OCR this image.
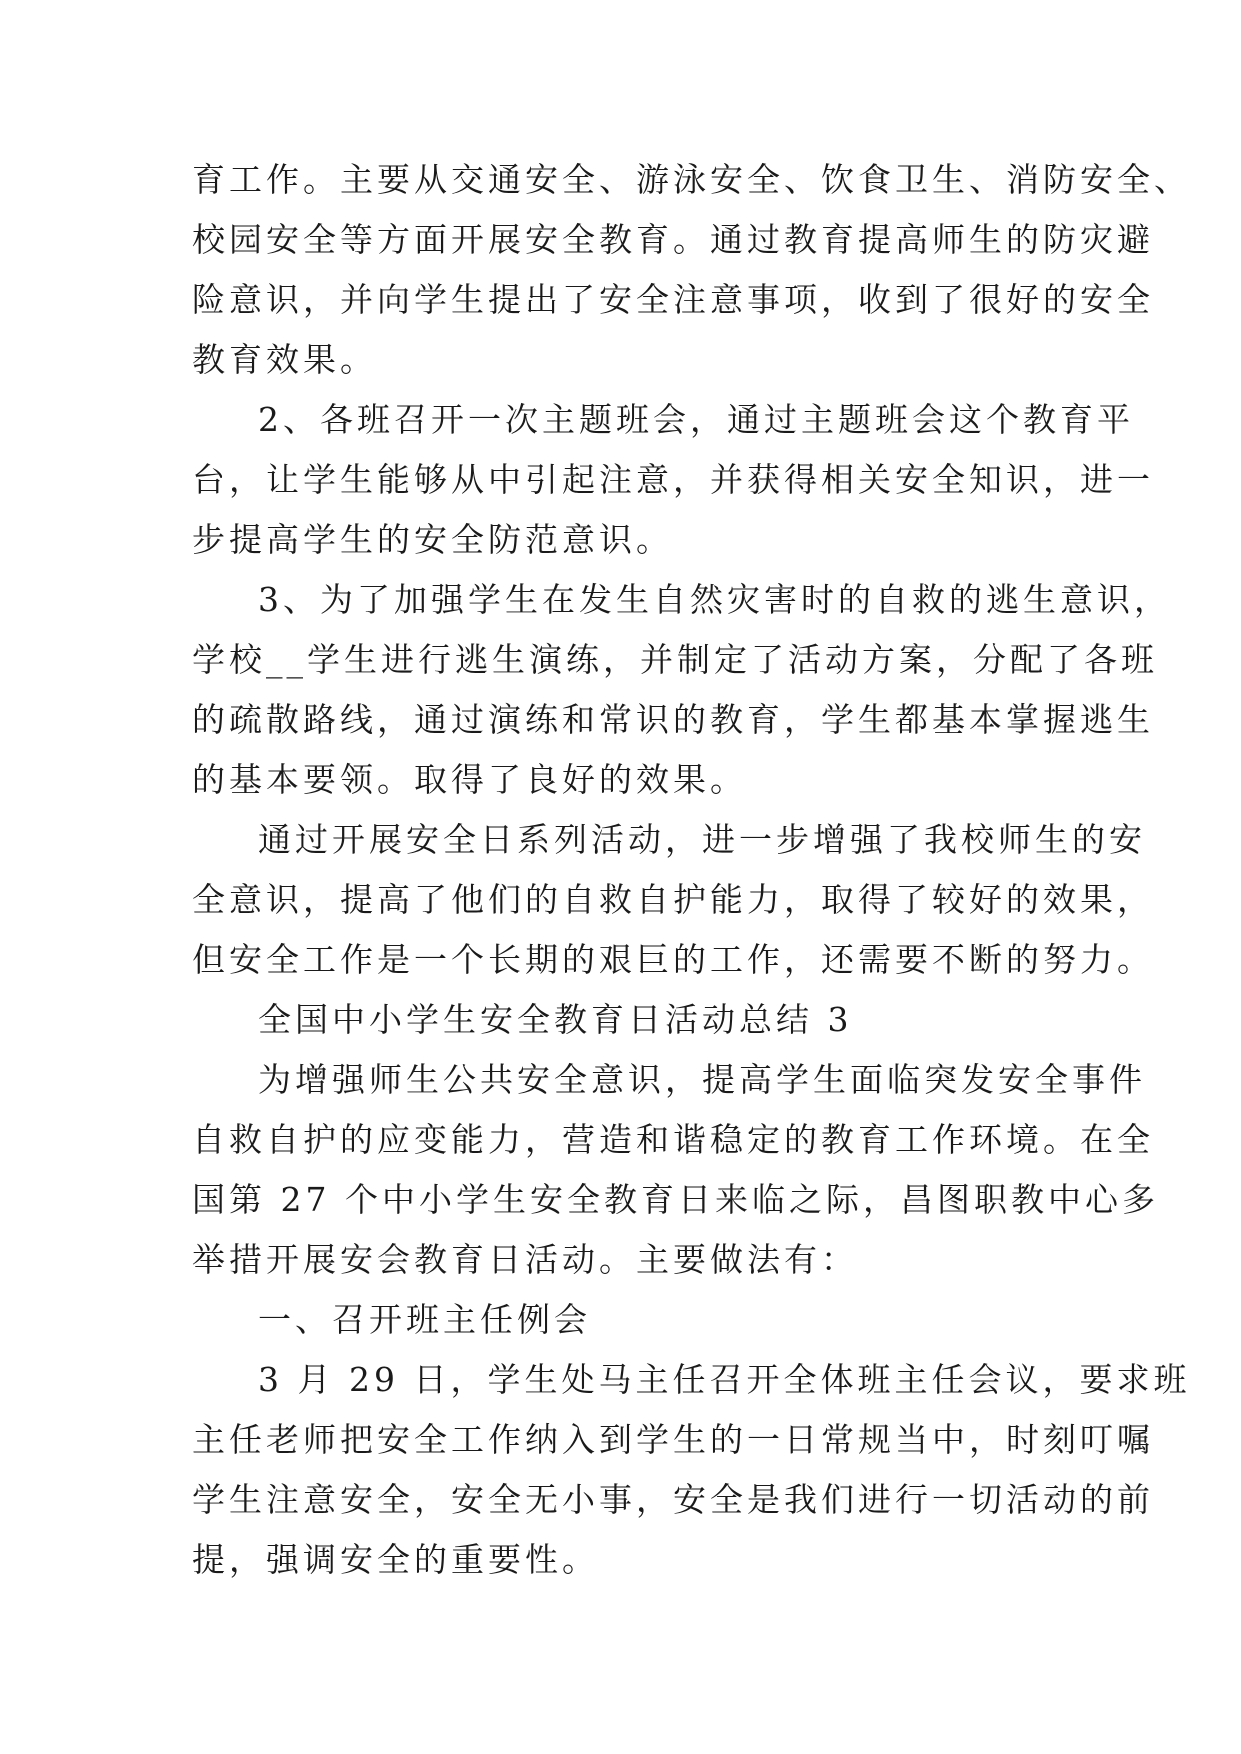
育工作。主要从交通安全、游泳安全、饮食卫生、消防安全、
校园安全等方面开展安全教育。通过教育提高师生的防灾避
险意识，并向学生提出了安全注意事项，收到了很好的安全
教育效果。
2、各班召开一次主题班会，通过主题班会这个教育平
台，让学生能够从中引起注意，并获得相关安全知识，进一
步提高学生的安全防范意识。
3、为了加强学生在发生自然灾害时的自救的逃生意识，
学校__学生进行逃生演练，并制定了活动方案，分配了各班
的疏散路线，通过演练和常识的教育，学生都基本掌握逃生
的基本要领。取得了良好的效果。
通过开展安全日系列活动，进一步增强了我校师生的安
全意识，提高了他们的自救自护能力，取得了较好的效果，
但安全工作是一个长期的艰巨的工作，还需要不断的努力。
全国中小学生安全教育日活动总结 3
为增强师生公共安全意识，提高学生面临突发安全事件
自救自护的应变能力，营造和谐稳定的教育工作环境。在全
国第 27 个中小学生安全教育日来临之际，昌图职教中心多
举措开展安会教育日活动。主要做法有：
一、召开班主任例会
3 月 29 日，学生处马主任召开全体班主任会议，要求班
主任老师把安全工作纳入到学生的一日常规当中，时刻叮嘱
学生注意安全，安全无小事，安全是我们进行一切活动的前
提，强调安全的重要性。
